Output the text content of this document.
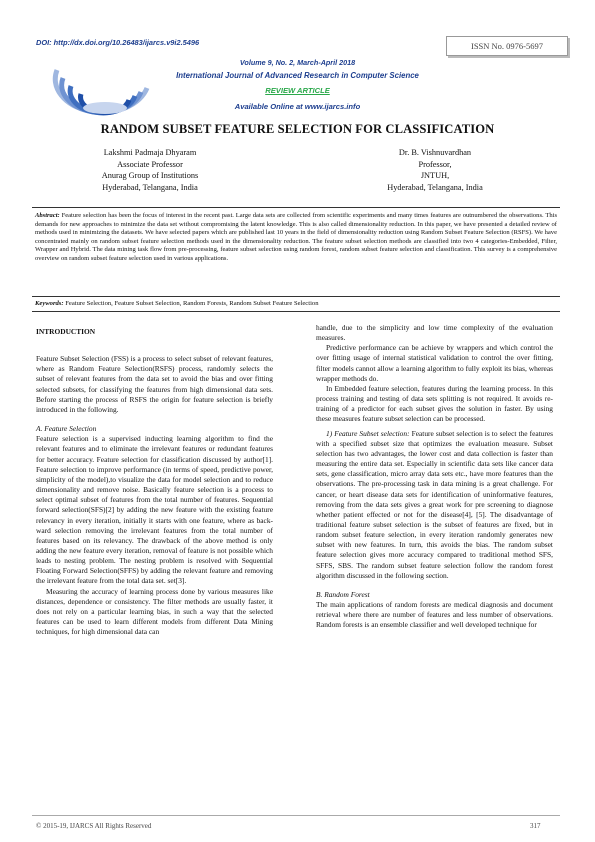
DOI: http://dx.doi.org/10.26483/ijarcs.v9i2.5496	ISSN No. 0976-5697
Volume 9, No. 2, March-April 2018
International Journal of Advanced Research in Computer Science
REVIEW ARTICLE
Available Online at www.ijarcs.info
RANDOM SUBSET FEATURE SELECTION FOR CLASSIFICATION
Lakshmi Padmaja Dhyaram
Associate Professor
Anurag Group of Institutions
Hyderabad, Telangana, India
Dr. B. Vishnuvardhan
Professor,
JNTUH,
Hyderabad, Telangana, India
Abstract: Feature selection has been the focus of interest in the recent past. Large data sets are collected from scientific experiments and many times features are outnumbered the observations. This demands for new approaches to minimize the data set without compromising the latent knowledge. This is also called dimensionality reduction. In this paper, we have presented a detailed review of methods used in minimizing the datasets. We have selected papers which are published last 10 years in the field of dimensionality reduction using Random Subset Feature Selection (RSFS). We have concentrated mainly on random subset feature selection methods used in the dimensionality reduction. The feature subset selection methods are classified into two 4 categories-Embedded, Filter, Wrapper and Hybrid. The data mining task flow from pre-processing, feature subset selection using random forest, random subset feature selection and classification. This survey is a comprehensive overview on random subset feature selection used in various applications.
Keywords: Feature Selection, Feature Subset Selection, Random Forests, Random Subset Feature Selection

INTRODUCTION

Feature Subset Selection (FSS) is a process to select subset of relevant features, where as Random Feature Selection(RSFS) process, randomly selects the subset of relevant features from the data set to avoid the bias and over fitting selected subsets, for classifying the features from high dimensional data sets. Before starting the process of RSFS the origin for feature selection is briefly introduced in the following.

A. Feature Selection

Feature selection is a supervised inducting learning algorithm to find the relevant features and to eliminate the irrelevant features or redundant features for better accuracy. Feature selection for classification discussed by author[1]. Feature selection to improve performance (in terms of speed, predictive power, simplicity of the model),to visualize the data for model selection and to reduce dimensionality and remove noise. Basically feature selection is a process to select optimal subset of features from the total number of features. Sequential forward selection(SFS)[2] by adding the new feature with the existing feature relevancy in every iteration, initially it starts with one feature, where as back- ward selection removing the irrelevant features from the total number of features based on its relevancy. The drawback of the above method is only adding the new feature every iteration, removal of feature is not possible which leads to nesting problem. The nesting problem is resolved with Sequential Floating Forward Selection(SFFS) by adding the relevant feature and removing the irrelevant feature from the total data set. set[3].

Measuring the accuracy of learning process done by various measures like distances, dependence or consistency. The filter methods are usually faster, it does not rely on a particular learning bias, in such a way that the selected features can be used to learn different models from different Data Mining techniques, for high dimensional data can

handle, due to the simplicity and low time complexity of the evaluation measures.

Predictive performance can be achieve by wrappers and which control the over fitting usage of internal statistical validation to control the over fitting, filter models cannot allow a learning algorithm to fully exploit its bias, whereas wrapper methods do.

In Embedded feature selection, features during the learning process. In this process training and testing of data sets splitting is not required. It avoids re-training of a predictor for each subset gives the solution in faster. By using these measures feature subset selection can be processed.

1) Feature Subset selection: Feature subset selection is to select the features with a specified subset size that optimizes the evaluation measure. Subset selection has two advantages, the lower cost and data collection is faster than measuring the entire data set. Especially in scientific data sets like cancer data sets, gene classification, micro array data sets etc., have more features than the observations. The pre-processing task in data mining is a great challenge. For cancer, or heart disease data sets for identification of uninformative features, removing from the data sets gives a great work for pre screening to diagnose whether patient effected or not for the disease[4], [5]. The disadvantage of traditional feature subset selection is the subset of features are fixed, but in random subset feature selection, in every iteration randomly generates new subset with new features. In turn, this avoids the bias. The random subset feature selection gives more accuracy compared to traditional method SFS, SFFS, SBS. The random subset feature selection follow the random forest algorithm discussed in the following section.

B. Random Forest

The main applications of random forests are medical diagnosis and document retrieval where there are number of features and less number of observations. Random forests is an ensemble classifier and well developed technique for

© 2015-19, IJARCS All Rights Reserved	317
